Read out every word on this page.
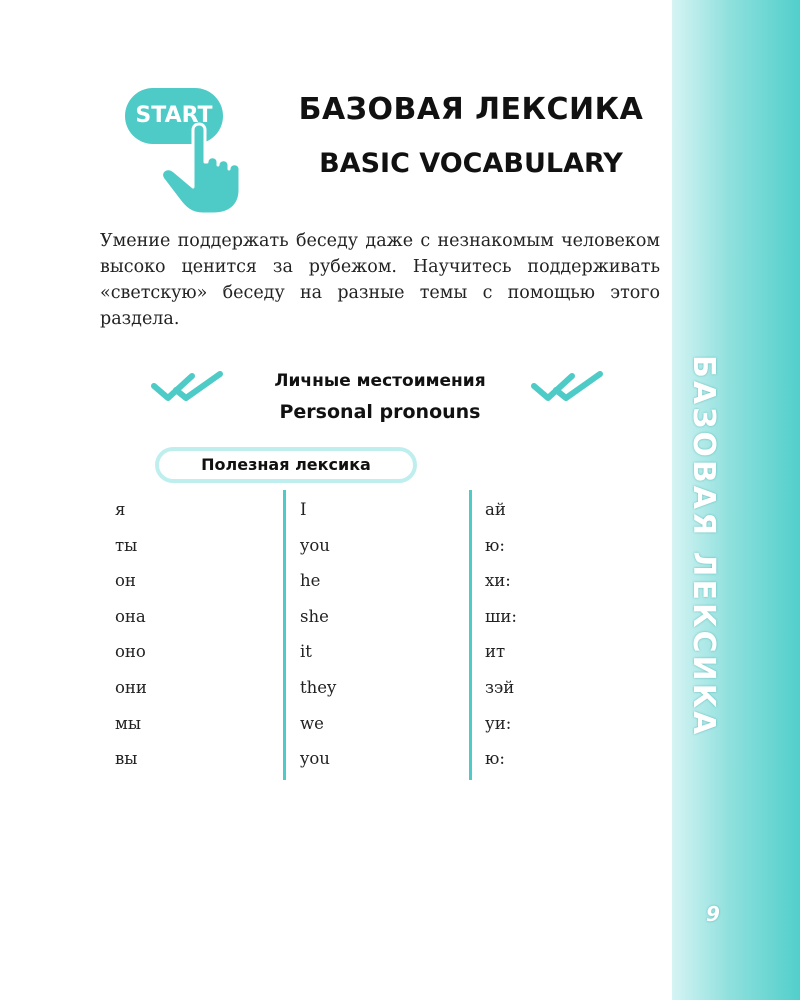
БАЗОВАЯ ЛЕКСИКА
9
START	БАЗОВАЯ ЛЕКСИКА
BASIC VOCABULARY
Умение поддержать беседу даже с незнакомым человеком высоко ценится за рубежом. Научитесь поддерживать «светскую» беседу на разные темы с помощью этого раздела.
Личные местоимения
Personal pronouns
Полезная лексика
я	I	ай
ты	you	ю:
он	he	хи:
она	she	ши:
оно	it	ит
они	they	зэй
мы	we	уи:
вы	you	ю:
